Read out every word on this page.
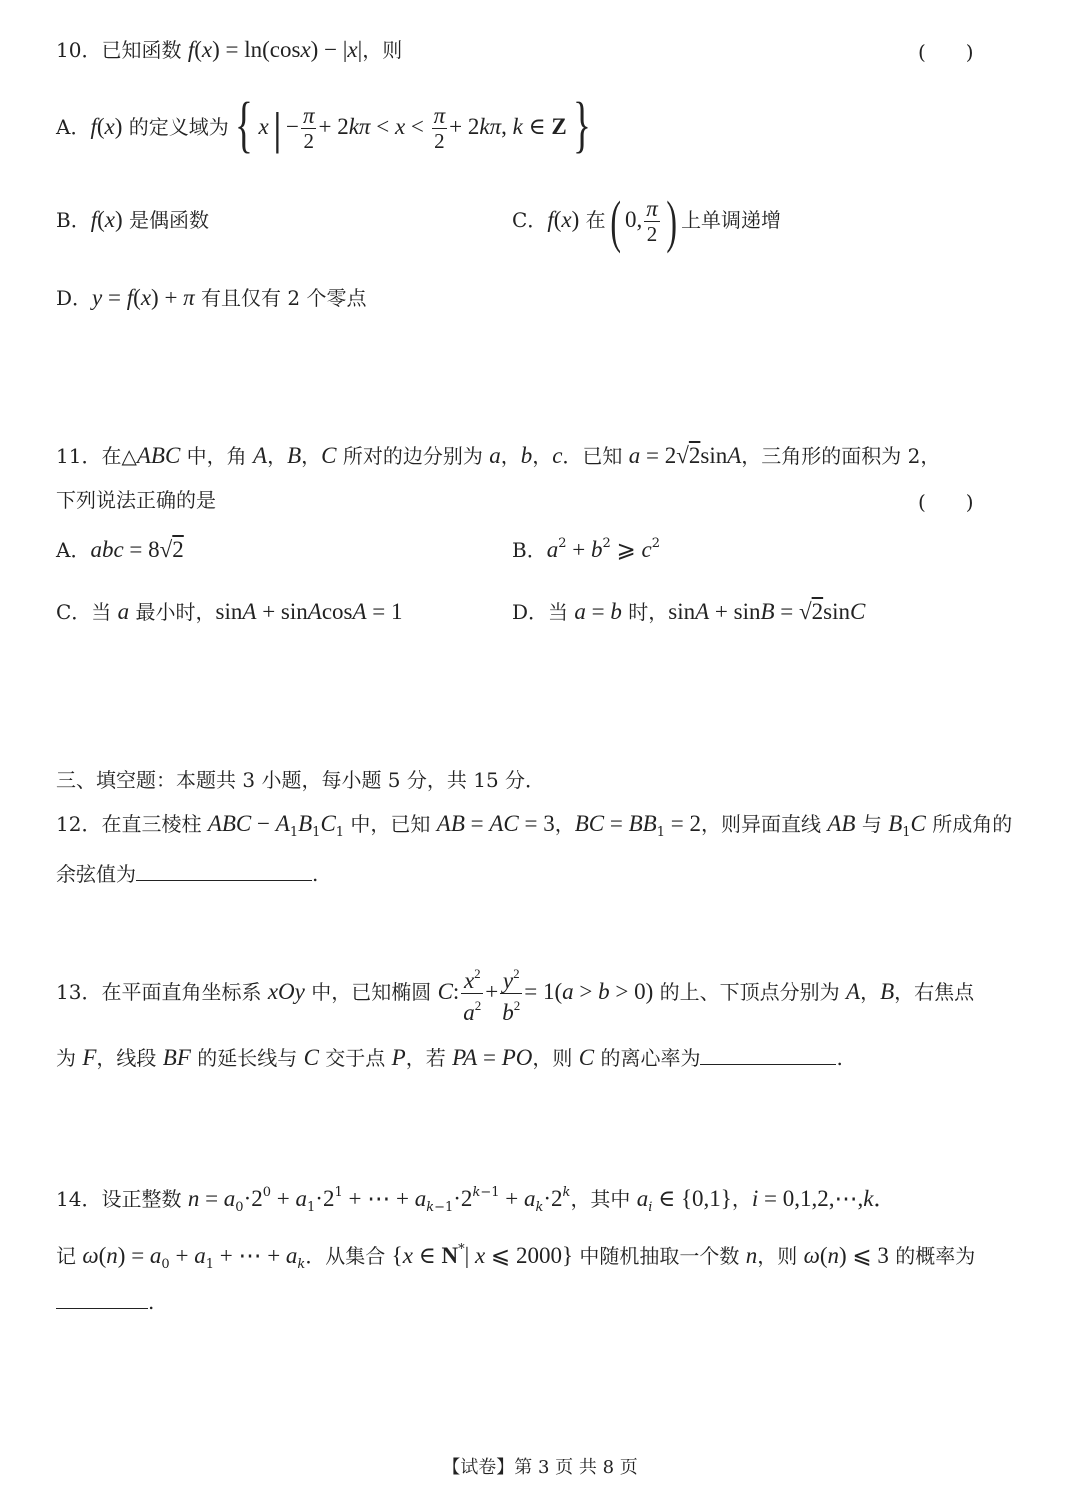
10．已知函数 f(x) = ln(cosx) − |x|，则	(　　)
A．f(x) 的定义域为{ $x| - \frac{\pi}{2} + 2k\pi < x < \frac{\pi}{2} + 2k\pi$, k ∈ Z}
B．f(x) 是偶函数	C．f(x) 在( 0, $\frac{\pi}{2}$ ) 上单调递增
D．y = f(x) + π 有且仅有 2 个零点
11．在△ABC 中，角 A，B，C 所对的边分别为 a，b，c．已知 a = 2√2sinA，三角形的面积为 2，
下列说法正确的是	(　　)
A．abc = 8√2	B．$a^2 + b^2$ ⩾ $c^2$
C．当 a 最小时，sinA + sinAcosA = 1	D．当 a = b 时，sinA + sinB = √2sinC
三、填空题：本题共 3 小题，每小题 5 分，共 15 分．
12．在直三棱柱 ABC − $A_1B_1C_1$ 中，已知 AB = AC = 3，BC = $BB_1 = 2$，则异面直线 AB 与 $B_1C$ 所成角的
余弦值为	.
13．在平面直角坐标系 xOy 中，已知椭圆 C: $\frac{x^2}{a^2} + \frac{y^2}{b^2} = 1(a > b > 0)$ 的上、下顶点分别为 A，B，右焦点
为 F，线段 BF 的延长线与 C 交于点 P，若 PA = PO，则 C 的离心率为	.
14．设正整数 $n = a_0\cdot 2^0 + a_1\cdot 2^1$ + ⋯ + $a_{k-1}\cdot 2^{k-1} + a_k\cdot 2^k$，其中 $a_i$ ∈ {0,1}，i = 0,1,2,⋯,k．
记 $\omega(n) = a_0 + a_1$ + ⋯ + $a_k$．从集合 {x ∈ N*| x ⩽ 2000} 中随机抽取一个数 n，则 ω(n) ⩽ 3 的概率为
.
【试卷】第 3 页 共 8 页
